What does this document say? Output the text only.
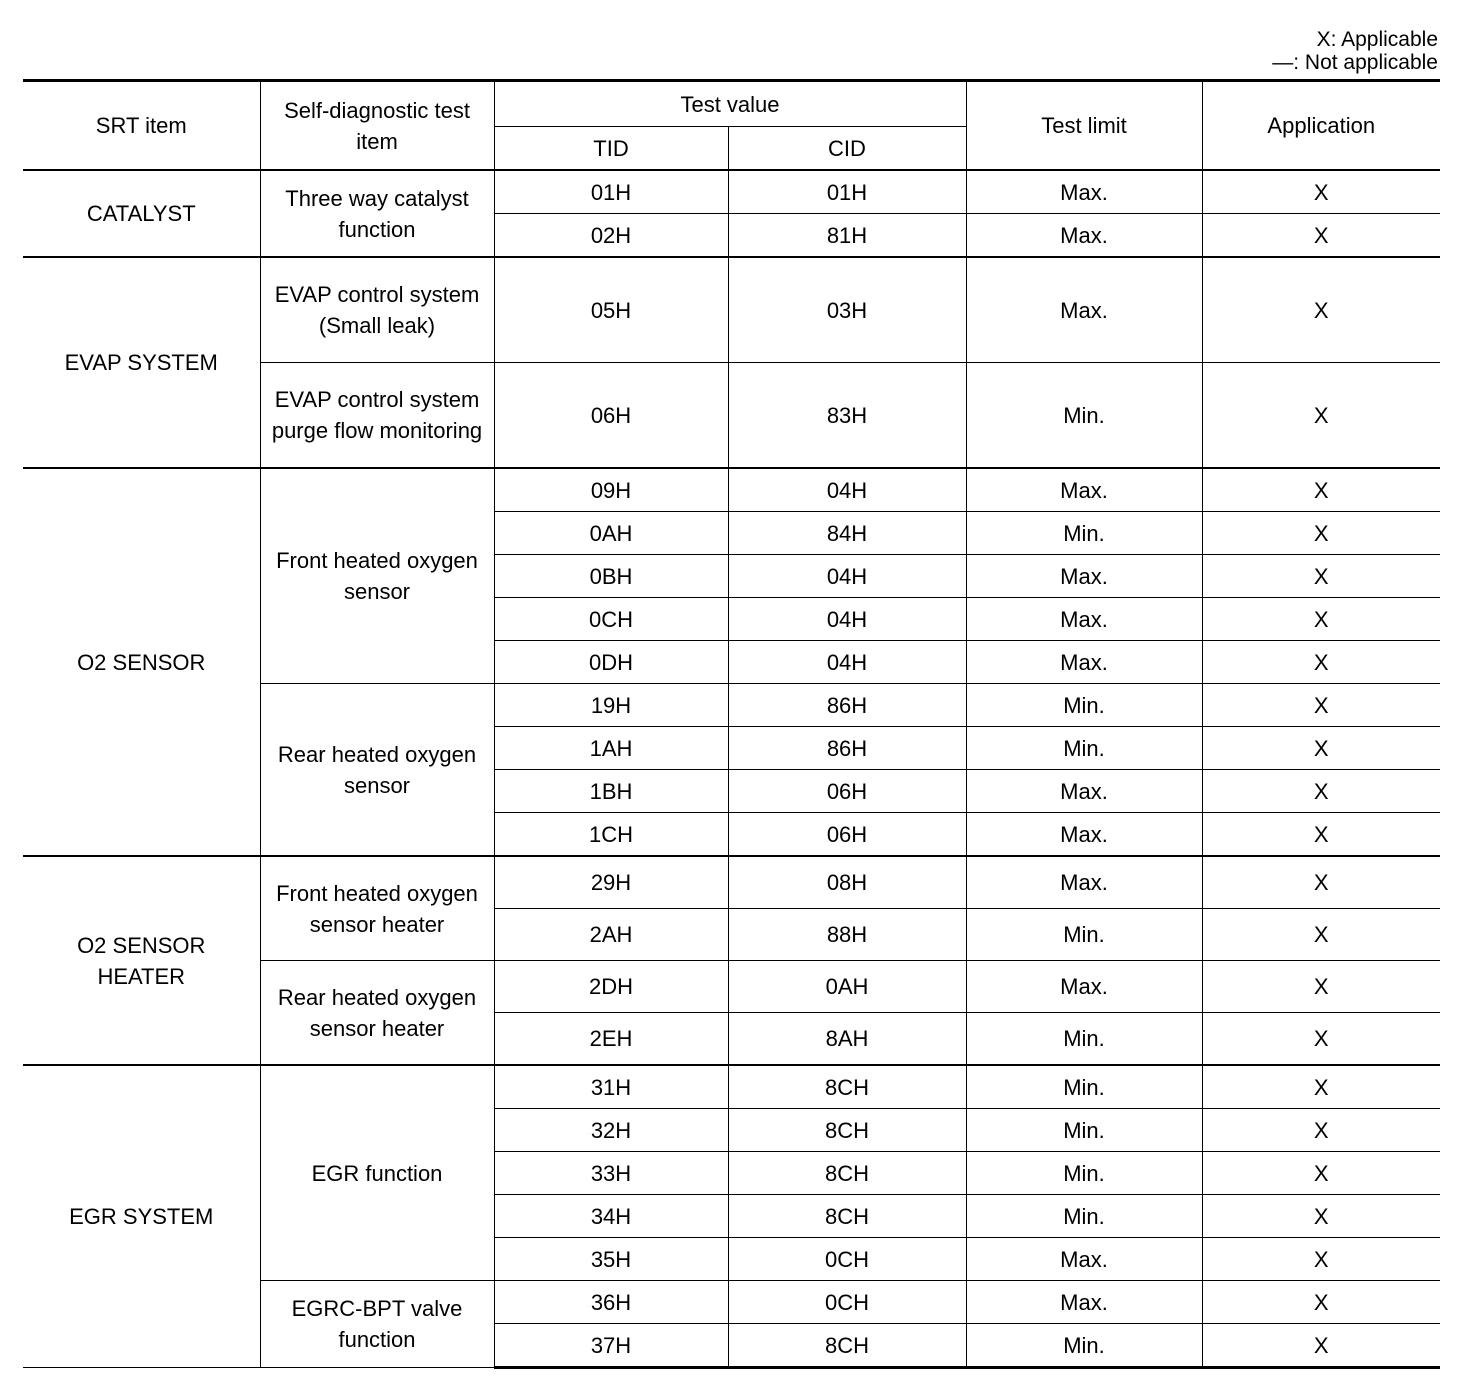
X: Applicable
—: Not applicable
SRT item	Self-diagnostic test item	Test value		Test limit	Application
		TID	CID		
CATALYST	Three way catalyst function	01H	01H	Max.	X
		02H	81H	Max.	X
EVAP SYSTEM	EVAP control system (Small leak)	05H	03H	Max.	X
	EVAP control system purge flow monitoring	06H	83H	Min.	X
O2 SENSOR	Front heated oxygen sensor	09H	04H	Max.	X
		0AH	84H	Min.	X
		0BH	04H	Max.	X
		0CH	04H	Max.	X
		0DH	04H	Max.	X
	Rear heated oxygen sensor	19H	86H	Min.	X
		1AH	86H	Min.	X
		1BH	06H	Max.	X
		1CH	06H	Max.	X
O2 SENSOR HEATER	Front heated oxygen sensor heater	29H	08H	Max.	X
		2AH	88H	Min.	X
	Rear heated oxygen sensor heater	2DH	0AH	Max.	X
		2EH	8AH	Min.	X
EGR SYSTEM	EGR function	31H	8CH	Min.	X
		32H	8CH	Min.	X
		33H	8CH	Min.	X
		34H	8CH	Min.	X
		35H	0CH	Max.	X
	EGRC-BPT valve function	36H	0CH	Max.	X
		37H	8CH	Min.	X
